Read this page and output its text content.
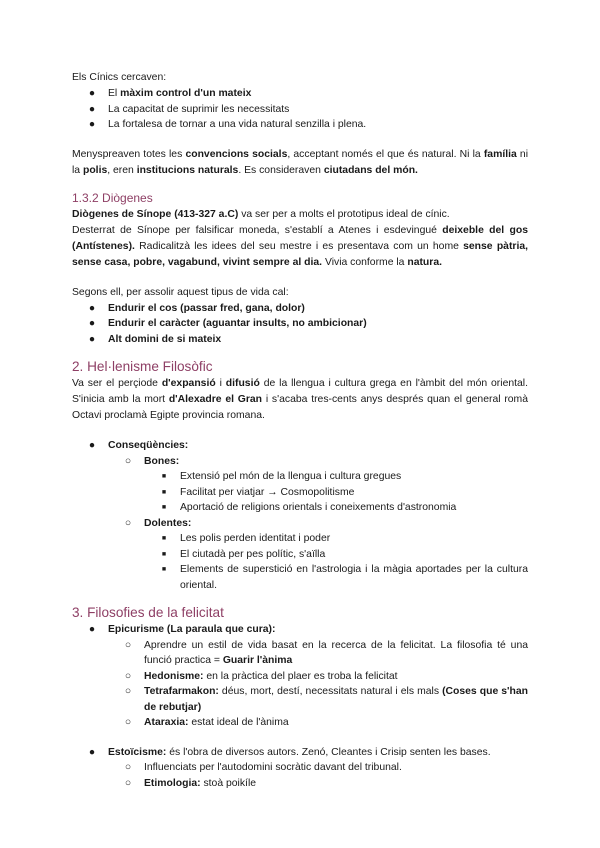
Els Cínics cercaven:

● El màxim control d'un mateix
● La capacitat de suprimir les necessitats
● La fortalesa de tornar a una vida natural senzilla i plena.

Menyspreaven totes les convencions socials, acceptant només el que és natural. Ni la família ni la polis, eren institucions naturals. Es consideraven ciutadans del món.

1.3.2 Diògenes

Diògenes de Sínope (413-327 a.C) va ser per a molts el prototipus ideal de cínic.

Desterrat de Sínope per falsificar moneda, s'establí a Atenes i esdevingué deixeble del gos (Antístenes). Radicalitzà les idees del seu mestre i es presentava com un home sense pàtria, sense casa, pobre, vagabund, vivint sempre al dia. Vivia conforme la natura.

Segons ell, per assolir aquest tipus de vida cal:

● Endurir el cos (passar fred, gana, dolor)
● Endurir el caràcter (aguantar insults, no ambicionar)
● Alt domini de si mateix
2. Hel·lenisme Filosòfic

Va ser el perçiode d'expansió i difusió de la llengua i cultura grega en l'àmbit del món oriental. S'inicia amb la mort d'Alexadre el Gran i s'acaba tres-cents anys després quan el general romà Octavi proclamà Egipte provincia romana.

● Conseqüències:
○ Bones:
■	Extensió pel món de la llengua i cultura gregues
■	Facilitat per viatjar → Cosmopolitisme
■	Aportació de religions orientals i coneixements d'astronomia
○ Dolentes:
■	Les polis perden identitat i poder
■	El ciutadà per pes polític, s'aïlla
■	Elements de superstició en l'astrologia i la màgia aportades per la cultura oriental.
3. Filosofies de la felicitat
● Epicurisme (La paraula que cura):
○ Aprendre un estil de vida basat en la recerca de la felicitat. La filosofia té una funció practica = Guarir l'ànima
○ Hedonisme: en la pràctica del plaer es troba la felicitat
○ Tetrafarmakon: déus, mort, destí, necessitats natural i els mals (Coses que s'han de rebutjar)
○ Ataraxia: estat ideal de l'ànima
● Estoïcisme: és l'obra de diversos autors. Zenó, Cleantes i Crisip senten les bases.
○ Influenciats per l'autodomini socràtic davant del tribunal.
○ Etimologia: stoà poikíle
